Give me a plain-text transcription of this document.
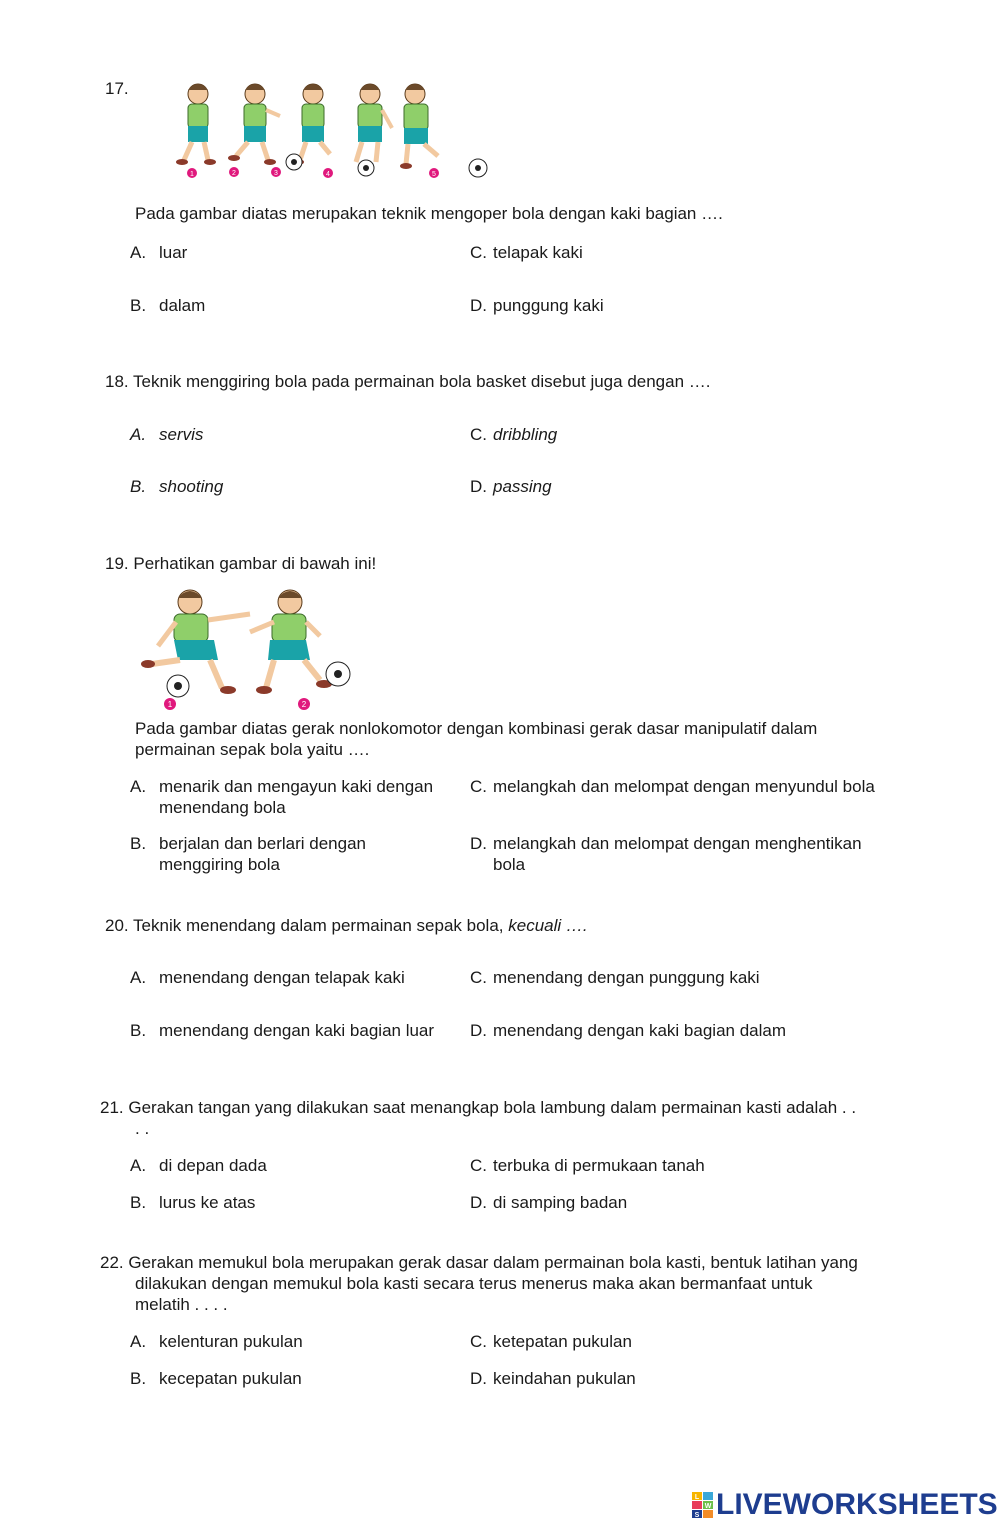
17.
1	2	3	4	5
Pada gambar diatas merupakan teknik mengoper bola dengan kaki bagian ….
A. luar	C. telapak kaki
B. dalam	D. punggung kaki
18. Teknik menggiring bola pada permainan bola basket disebut juga dengan ….
A. servis	C. dribbling
B. shooting	D. passing
19. Perhatikan gambar di bawah ini!
1	2
Pada gambar diatas gerak nonlokomotor dengan kombinasi gerak dasar manipulatif dalam
permainan sepak bola yaitu ….
A. menarik dan mengayun kaki dengan
menendang bola
C. melangkah dan melompat dengan menyundul bola
B. berjalan dan berlari dengan
menggiring bola
D. melangkah dan melompat dengan menghentikan
bola
20. Teknik menendang dalam permainan sepak bola, kecuali ….
A. menendang dengan telapak kaki	C. menendang dengan punggung kaki
B. menendang dengan kaki bagian luar D. menendang dengan kaki bagian dalam
21. Gerakan tangan yang dilakukan saat menangkap bola lambung dalam permainan kasti adalah . .
. .
A. di depan dada	C. terbuka di permukaan tanah
B. lurus ke atas	D. di samping badan
22. Gerakan memukul bola merupakan gerak dasar dalam permainan bola kasti, bentuk latihan yang
dilakukan dengan memukul bola kasti secara terus menerus maka akan bermanfaat untuk
melatih . . . .
A. kelenturan pukulan	C. ketepatan pukulan
B. kecepatan pukulan	D. keindahan pukulan
L
W
S LIVEWORKSHEETS
